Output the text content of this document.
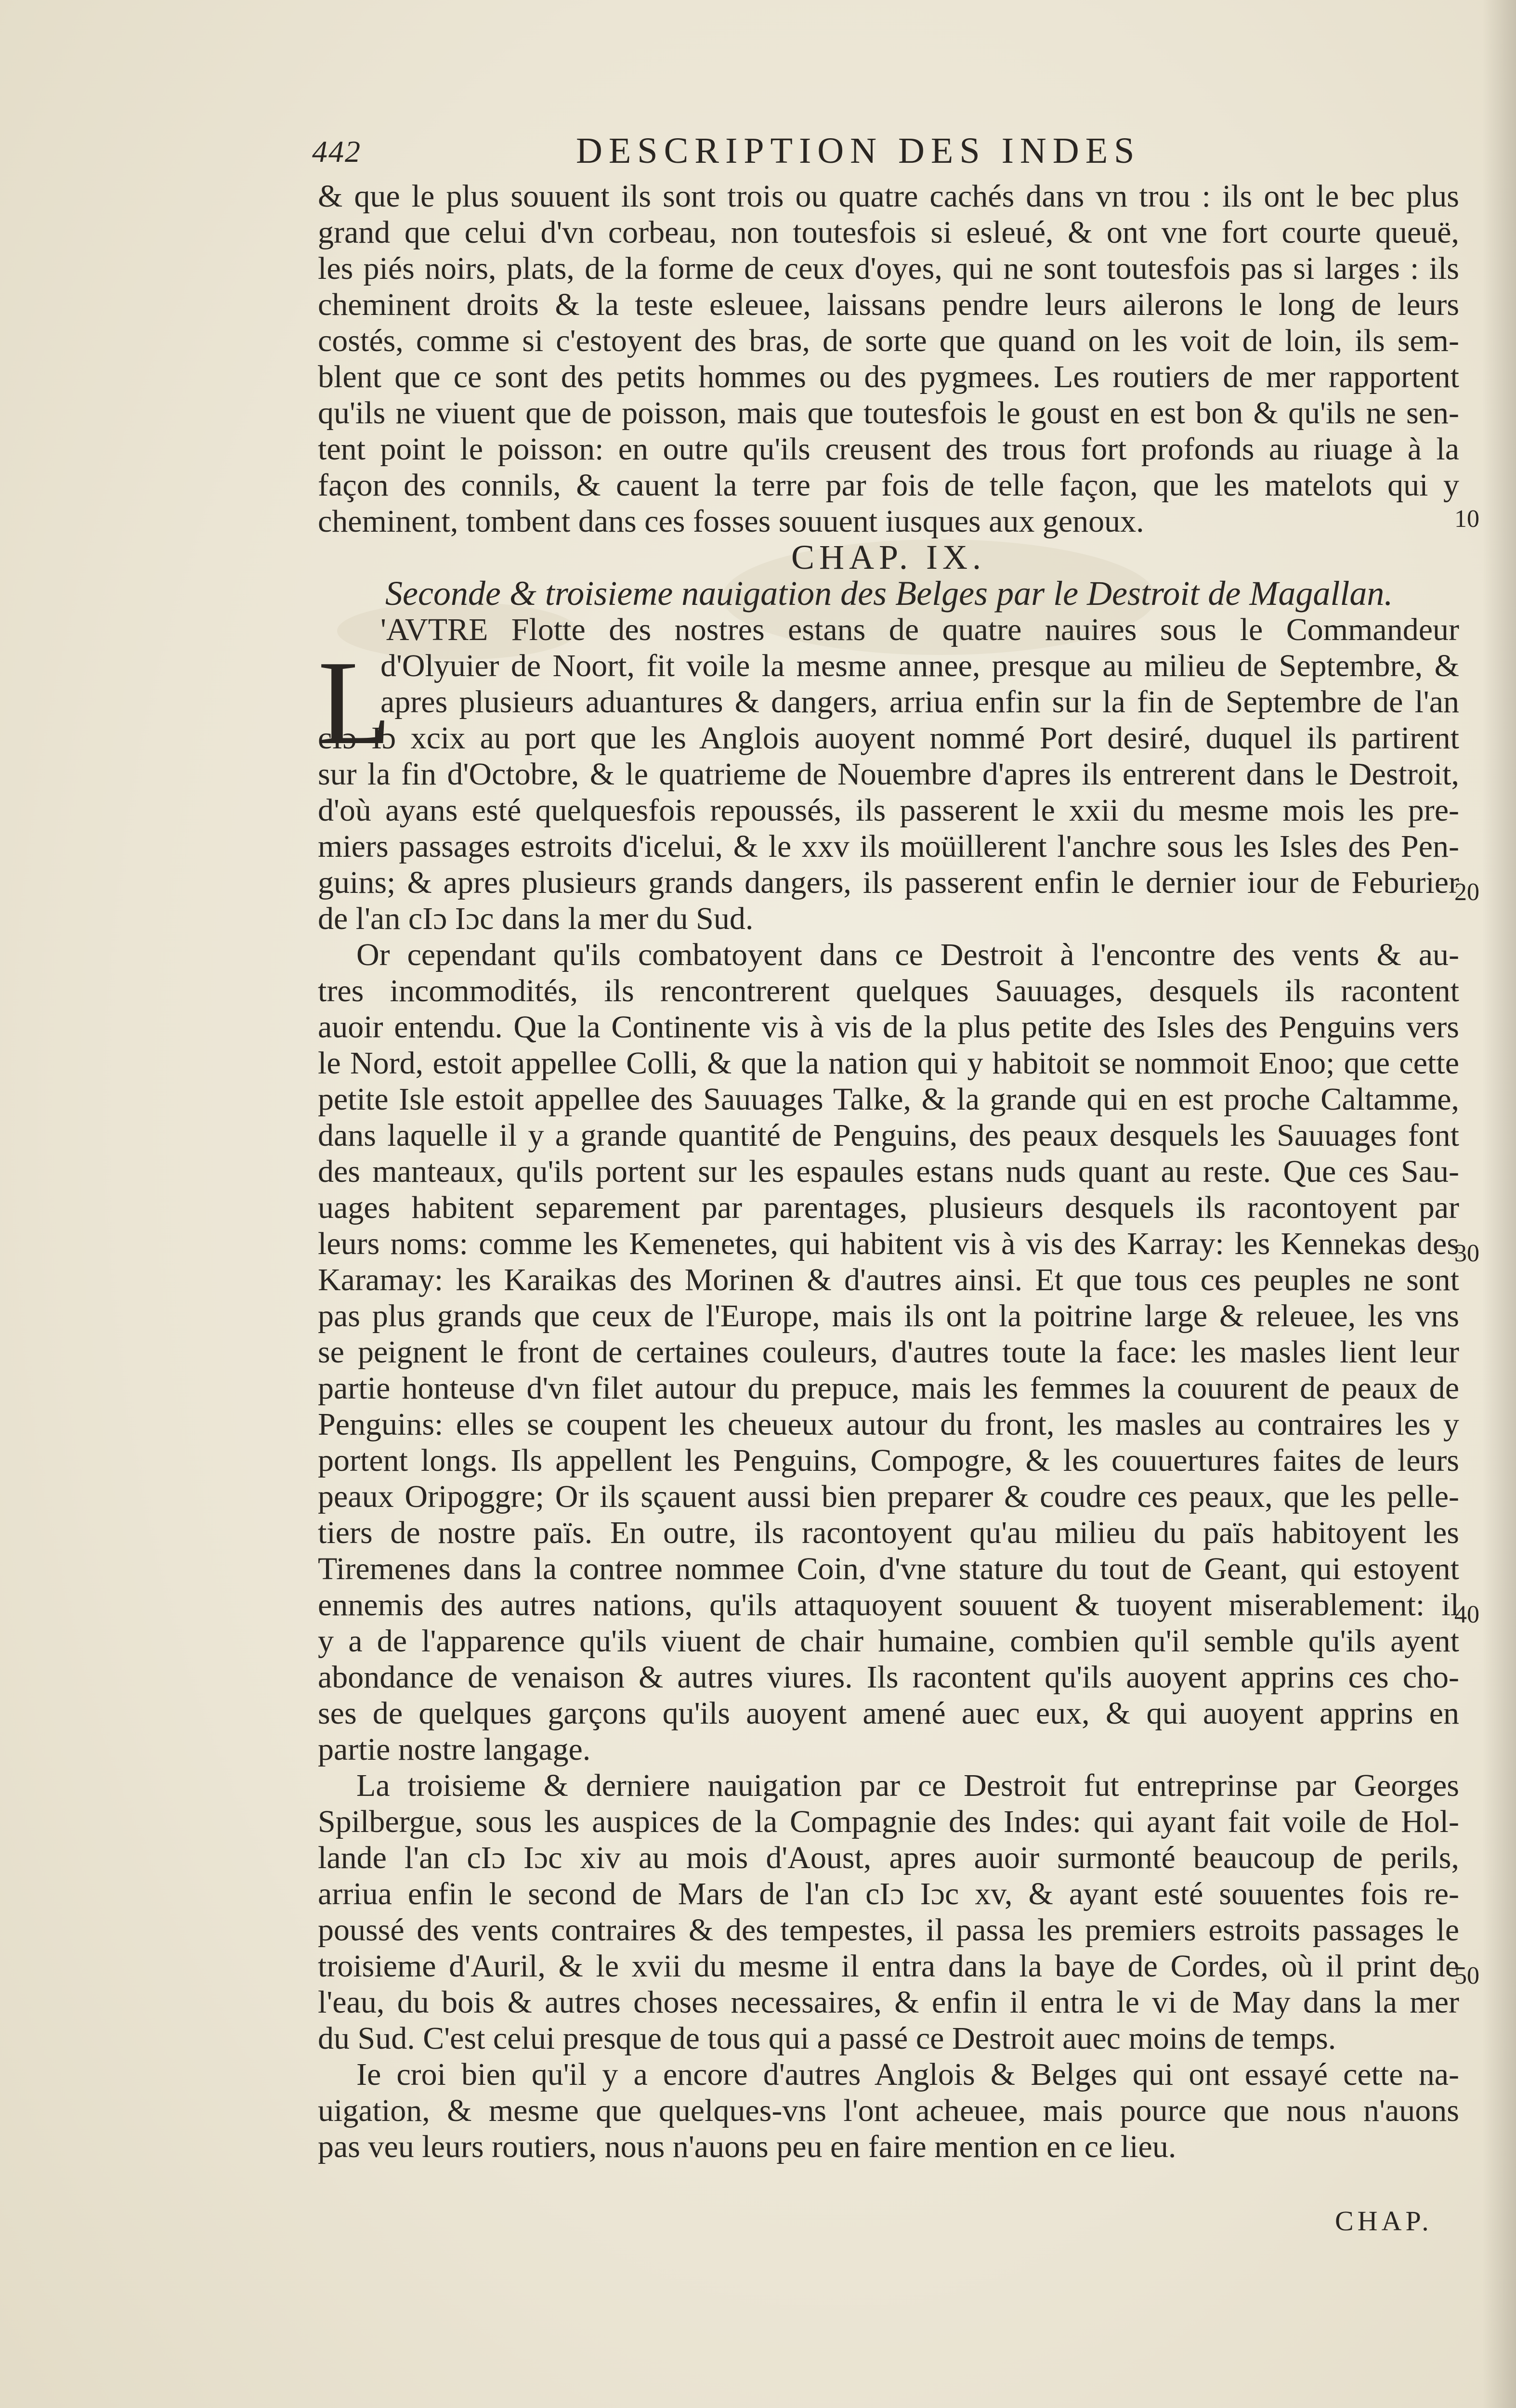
442	DESCRIPTION DES INDES
L
& que le plus souuent ils sont trois ou quatre cachés dans vn trou : ils ont le bec plus
grand que celui d'vn corbeau, non toutesfois si esleué, & ont vne fort courte queuë,
les piés noirs, plats, de la forme de ceux d'oyes, qui ne sont toutesfois pas si larges : ils
cheminent droits & la teste esleuee, laissans pendre leurs ailerons le long de leurs
costés, comme si c'estoyent des bras, de sorte que quand on les voit de loin, ils sem-
blent que ce sont des petits hommes ou des pygmees. Les routiers de mer rapportent
qu'ils ne viuent que de poisson, mais que toutesfois le goust en est bon & qu'ils ne sen-
tent point le poisson: en outre qu'ils creusent des trous fort profonds au riuage à la
façon des connils, & cauent la terre par fois de telle façon, que les matelots qui y
cheminent, tombent dans ces fosses souuent iusques aux genoux.
CHAP. IX.
Seconde & troisieme nauigation des Belges par le Destroit de Magallan.
'AVTRE Flotte des nostres estans de quatre nauires sous le Commandeur
d'Olyuier de Noort, fit voile la mesme annee, presque au milieu de Septembre, &
apres plusieurs aduantures & dangers, arriua enfin sur la fin de Septembre de l'an
cIɔ Iɔ xcix au port que les Anglois auoyent nommé Port desiré, duquel ils partirent
sur la fin d'Octobre, & le quatrieme de Nouembre d'apres ils entrerent dans le Destroit,
d'où ayans esté quelquesfois repoussés, ils passerent le xxii du mesme mois les pre-
miers passages estroits d'icelui, & le xxv ils moüillerent l'anchre sous les Isles des Pen-
guins; & apres plusieurs grands dangers, ils passerent enfin le dernier iour de Feburier
de l'an cIɔ Iɔc dans la mer du Sud.
Or cependant qu'ils combatoyent dans ce Destroit à l'encontre des vents & au-
tres incommodités, ils rencontrerent quelques Sauuages, desquels ils racontent
auoir entendu. Que la Continente vis à vis de la plus petite des Isles des Penguins vers
le Nord, estoit appellee Colli, & que la nation qui y habitoit se nommoit Enoo; que cette
petite Isle estoit appellee des Sauuages Talke, & la grande qui en est proche Caltamme,
dans laquelle il y a grande quantité de Penguins, des peaux desquels les Sauuages font
des manteaux, qu'ils portent sur les espaules estans nuds quant au reste. Que ces Sau-
uages habitent separement par parentages, plusieurs desquels ils racontoyent par
leurs noms: comme les Kemenetes, qui habitent vis à vis des Karray: les Kennekas des
Karamay: les Karaikas des Morinen & d'autres ainsi. Et que tous ces peuples ne sont
pas plus grands que ceux de l'Europe, mais ils ont la poitrine large & releuee, les vns
se peignent le front de certaines couleurs, d'autres toute la face: les masles lient leur
partie honteuse d'vn filet autour du prepuce, mais les femmes la couurent de peaux de
Penguins: elles se coupent les cheueux autour du front, les masles au contraires les y
portent longs. Ils appellent les Penguins, Compogre, & les couuertures faites de leurs
peaux Oripoggre; Or ils sçauent aussi bien preparer & coudre ces peaux, que les pelle-
tiers de nostre païs. En outre, ils racontoyent qu'au milieu du païs habitoyent les
Tiremenes dans la contree nommee Coin, d'vne stature du tout de Geant, qui estoyent
ennemis des autres nations, qu'ils attaquoyent souuent & tuoyent miserablement: il
y a de l'apparence qu'ils viuent de chair humaine, combien qu'il semble qu'ils ayent
abondance de venaison & autres viures. Ils racontent qu'ils auoyent apprins ces cho-
ses de quelques garçons qu'ils auoyent amené auec eux, & qui auoyent apprins en
partie nostre langage.
La troisieme & derniere nauigation par ce Destroit fut entreprinse par Georges
Spilbergue, sous les auspices de la Compagnie des Indes: qui ayant fait voile de Hol-
lande l'an cIɔ Iɔc xiv au mois d'Aoust, apres auoir surmonté beaucoup de perils,
arriua enfin le second de Mars de l'an cIɔ Iɔc xv, & ayant esté souuentes fois re-
poussé des vents contraires & des tempestes, il passa les premiers estroits passages le
troisieme d'Auril, & le xvii du mesme il entra dans la baye de Cordes, où il print de
l'eau, du bois & autres choses necessaires, & enfin il entra le vi de May dans la mer
du Sud. C'est celui presque de tous qui a passé ce Destroit auec moins de temps.
Ie croi bien qu'il y a encore d'autres Anglois & Belges qui ont essayé cette na-
uigation, & mesme que quelques-vns l'ont acheuee, mais pource que nous n'auons
pas veu leurs routiers, nous n'auons peu en faire mention en ce lieu.
10
20
30
40
50
CHAP.
